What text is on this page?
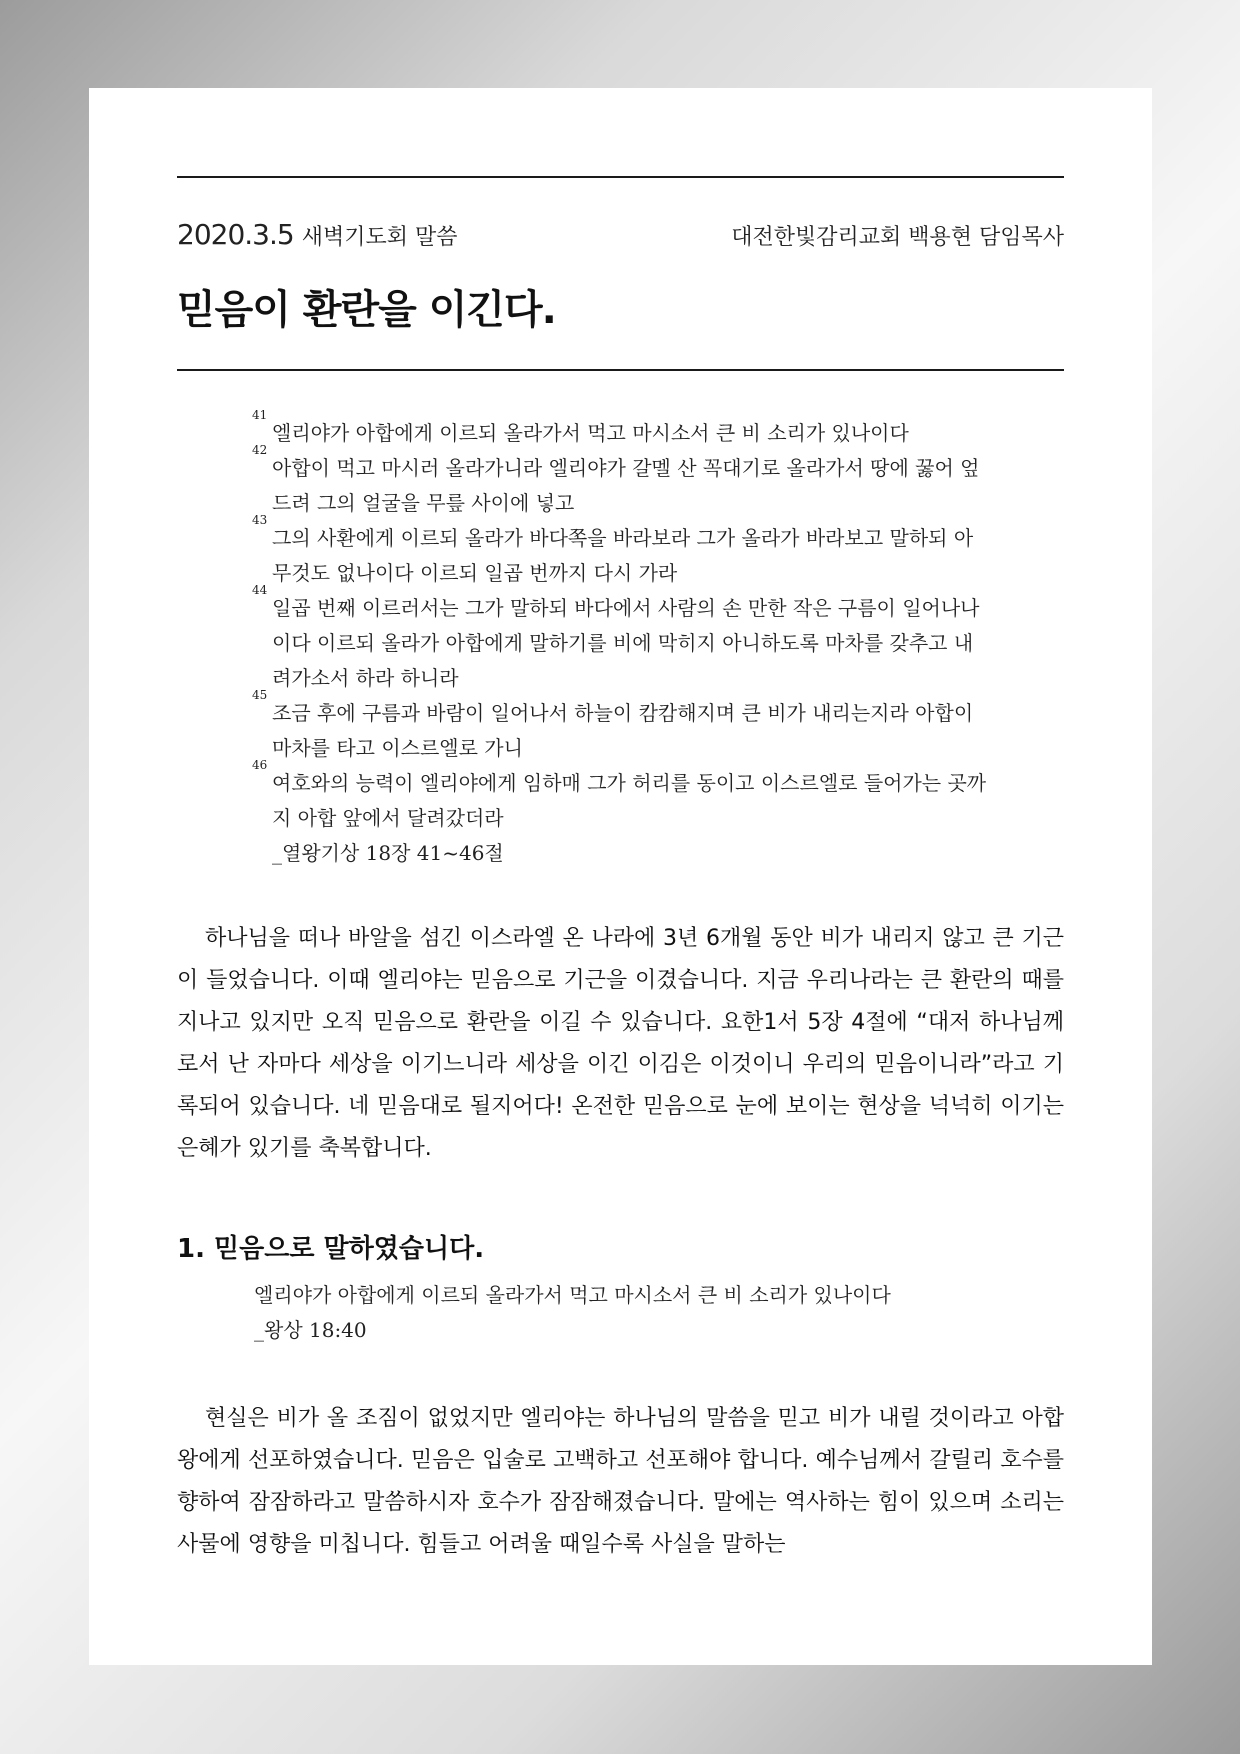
2020.3.5 새벽기도회 말씀	대전한빛감리교회 백용현 담임목사
믿음이 환란을 이긴다.
41
엘리야가 아합에게 이르되 올라가서 먹고 마시소서 큰 비 소리가 있나이다
42
아합이 먹고 마시러 올라가니라 엘리야가 갈멜 산 꼭대기로 올라가서 땅에 꿇어 엎드려 그의 얼굴을 무릎 사이에 넣고
43
그의 사환에게 이르되 올라가 바다쪽을 바라보라 그가 올라가 바라보고 말하되 아무것도 없나이다 이르되 일곱 번까지 다시 가라
44
일곱 번째 이르러서는 그가 말하되 바다에서 사람의 손 만한 작은 구름이 일어나나이다 이르되 올라가 아합에게 말하기를 비에 막히지 아니하도록 마차를 갖추고 내려가소서 하라 하니라
45
조금 후에 구름과 바람이 일어나서 하늘이 캄캄해지며 큰 비가 내리는지라 아합이 마차를 타고 이스르엘로 가니
46
여호와의 능력이 엘리야에게 임하매 그가 허리를 동이고 이스르엘로 들어가는 곳까지 아합 앞에서 달려갔더라
_열왕기상 18장 41~46절

하나님을 떠나 바알을 섬긴 이스라엘 온 나라에 3년 6개월 동안 비가 내리지 않고 큰 기근이 들었습니다. 이때 엘리야는 믿음으로 기근을 이겼습니다. 지금 우리나라는 큰 환란의 때를 지나고 있지만 오직 믿음으로 환란을 이길 수 있습니다. 요한1서 5장 4절에 “대저 하나님께로서 난 자마다 세상을 이기느니라 세상을 이긴 이김은 이것이니 우리의 믿음이니라”라고 기록되어 있습니다. 네 믿음대로 될지어다! 온전한 믿음으로 눈에 보이는 현상을 넉넉히 이기는 은혜가 있기를 축복합니다.

1. 믿음으로 말하였습니다.
엘리야가 아합에게 이르되 올라가서 먹고 마시소서 큰 비 소리가 있나이다
_왕상 18:40

현실은 비가 올 조짐이 없었지만 엘리야는 하나님의 말씀을 믿고 비가 내릴 것이라고 아합왕에게 선포하였습니다. 믿음은 입술로 고백하고 선포해야 합니다. 예수님께서 갈릴리 호수를 향하여 잠잠하라고 말씀하시자 호수가 잠잠해졌습니다. 말에는 역사하는 힘이 있으며 소리는 사물에 영향을 미칩니다. 힘들고 어려울 때일수록 사실을 말하는
